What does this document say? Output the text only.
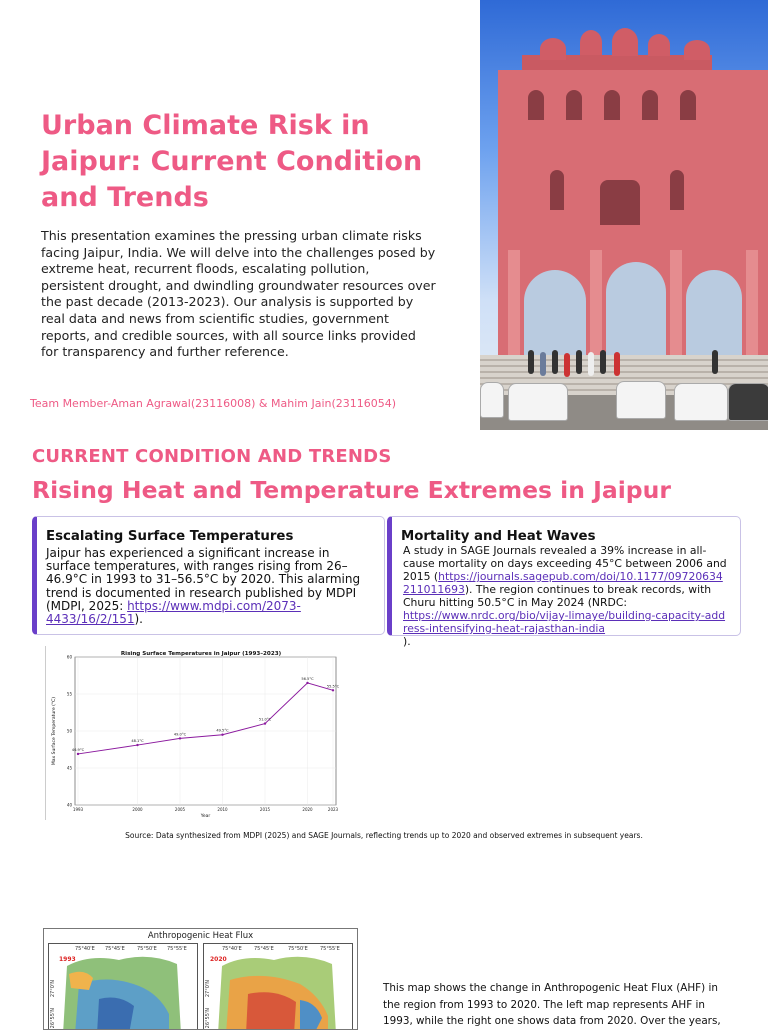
Urban Climate Risk in Jaipur: Current Condition and Trends

This presentation examines the pressing urban climate risks facing Jaipur, India. We will delve into the challenges posed by extreme heat, recurrent floods, escalating pollution, persistent drought, and dwindling groundwater resources over the past decade (2013-2023). Our analysis is supported by real data and news from scientific studies, government reports, and credible sources, with all source links provided for transparency and further reference.

Team Member-Aman Agrawal(23116008) & Mahim Jain(23116054)

CURRENT CONDITION AND TRENDS
Rising Heat and Temperature Extremes in Jaipur
Escalating Surface Temperatures

Jaipur has experienced a significant increase in surface temperatures, with ranges rising from 26–46.9°C in 1993 to 31–56.5°C by 2020. This alarming trend is documented in research published by MDPI (MDPI, 2025: https://www.mdpi.com/2073-4433/16/2/151).

Mortality and Heat Waves

A study in SAGE Journals revealed a 39% increase in all-cause mortality on days exceeding 45°C between 2006 and 2015 (https://journals.sagepub.com/doi/10.1177/09720634211011693). The region continues to break records, with Churu hitting 50.5°C in May 2024 (NRDC:
https://www.nrdc.org/bio/vijay-limaye/building-capacity-address-intensifying-heat-rajasthan-india
).

Rising Surface Temperatures in Jaipur (1993–2023)
40
45
50
55
60
1993	2000	2005	2010	2015	2020	2023
46.9°C
48.1°C
49.0°C
49.5°C
51.0°C
56.5°C
55.5°C
Year
Max Surface Temperature (°C)

Source: Data synthesized from MDPI (2025) and SAGE Journals, reflecting trends up to 2020 and observed extremes in subsequent years.

Anthropogenic Heat Flux
1993
75°40'E 75°45'E 75°50'E 75°55'E
27°0'N
26°55'N
2020
75°40'E 75°45'E	75°50'E 75°55'E
27°0'N
26°55'N

This map shows the change in Anthropogenic Heat Flux (AHF) in the region from 1993 to 2020. The left map represents AHF in 1993, while the right one shows data from 2020. Over the years,
